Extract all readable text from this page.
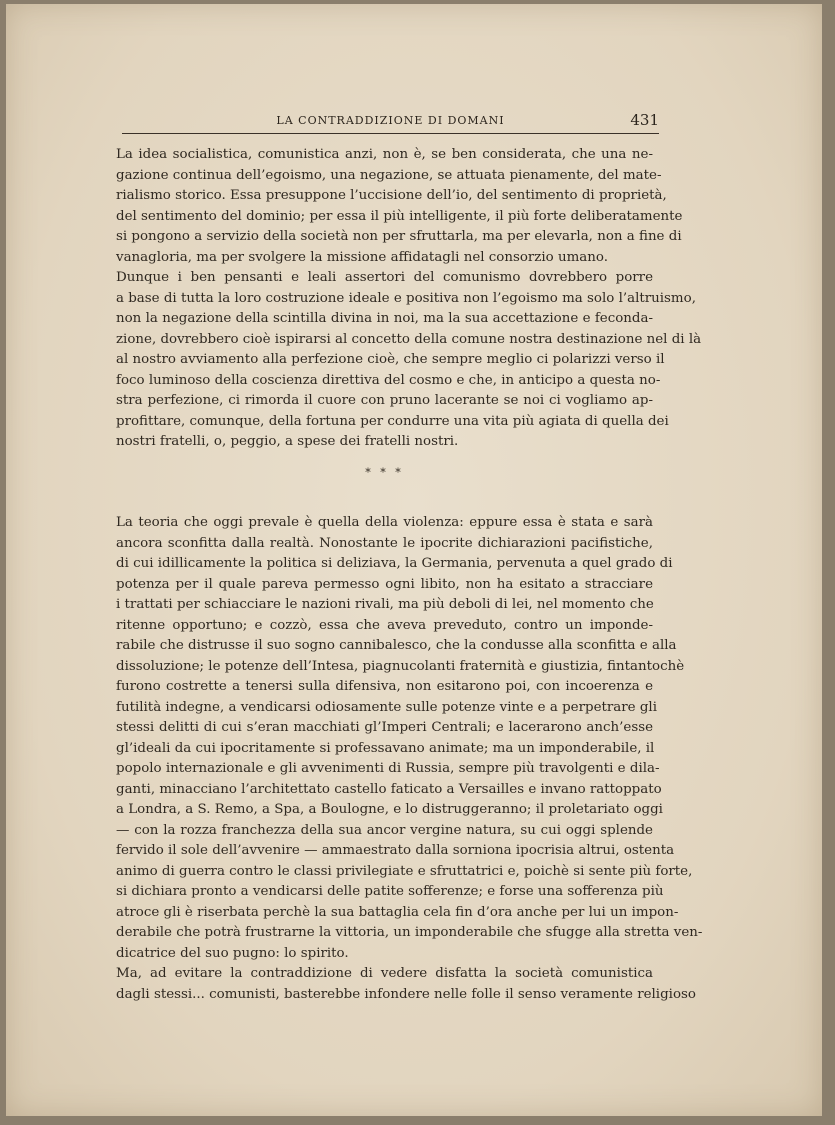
LA CONTRADDIZIONE DI DOMANI	431
La idea socialistica, comunistica anzi, non è, se ben considerata, che una ne-
gazione continua dell’egoismo, una negazione, se attuata pienamente, del mate-
rialismo storico. Essa presuppone l’uccisione dell’io, del sentimento di proprietà,
del sentimento del dominio; per essa il più intelligente, il più forte deliberatamente
si pongono a servizio della società non per sfruttarla, ma per elevarla, non a fine di
vanagloria, ma per svolgere la missione affidatagli nel consorzio umano.
Dunque i ben pensanti e leali assertori del comunismo dovrebbero porre
a base di tutta la loro costruzione ideale e positiva non l’egoismo ma solo l’altruismo,
non la negazione della scintilla divina in noi, ma la sua accettazione e feconda-
zione, dovrebbero cioè ispirarsi al concetto della comune nostra destinazione nel di là
al nostro avviamento alla perfezione cioè, che sempre meglio ci polarizzi verso il
foco luminoso della coscienza direttiva del cosmo e che, in anticipo a questa no-
stra perfezione, ci rimorda il cuore con pruno lacerante se noi ci vogliamo ap-
profittare, comunque, della fortuna per condurre una vita più agiata di quella dei
nostri fratelli, o, peggio, a spese dei fratelli nostri.
* * *
La teoria che oggi prevale è quella della violenza: eppure essa è stata e sarà
ancora sconfitta dalla realtà. Nonostante le ipocrite dichiarazioni pacifistiche,
di cui idillicamente la politica si deliziava, la Germania, pervenuta a quel grado di
potenza per il quale pareva permesso ogni libito, non ha esitato a stracciare
i trattati per schiacciare le nazioni rivali, ma più deboli di lei, nel momento che
ritenne opportuno; e cozzò, essa che aveva preveduto, contro un imponde-
rabile che distrusse il suo sogno cannibalesco, che la condusse alla sconfitta e alla
dissoluzione; le potenze dell’Intesa, piagnucolanti fraternità e giustizia, fintantochè
furono costrette a tenersi sulla difensiva, non esitarono poi, con incoerenza e
futilità indegne, a vendicarsi odiosamente sulle potenze vinte e a perpetrare gli
stessi delitti di cui s’eran macchiati gl’Imperi Centrali; e lacerarono anch’esse
gl’ideali da cui ipocritamente si professavano animate; ma un imponderabile, il
popolo internazionale e gli avvenimenti di Russia, sempre più travolgenti e dila-
ganti, minacciano l’architettato castello faticato a Versailles e invano rattoppato
a Londra, a S. Remo, a Spa, a Boulogne, e lo distruggeranno; il proletariato oggi
— con la rozza franchezza della sua ancor vergine natura, su cui oggi splende
fervido il sole dell’avvenire — ammaestrato dalla sorniona ipocrisia altrui, ostenta
animo di guerra contro le classi privilegiate e sfruttatrici e, poichè si sente più forte,
si dichiara pronto a vendicarsi delle patite sofferenze; e forse una sofferenza più
atroce gli è riserbata perchè la sua battaglia cela fin d’ora anche per lui un impon-
derabile che potrà frustrarne la vittoria, un imponderabile che sfugge alla stretta ven-
dicatrice del suo pugno: lo spirito.
Ma, ad evitare la contraddizione di vedere disfatta la società comunistica
dagli stessi... comunisti, basterebbe infondere nelle folle il senso veramente religioso
